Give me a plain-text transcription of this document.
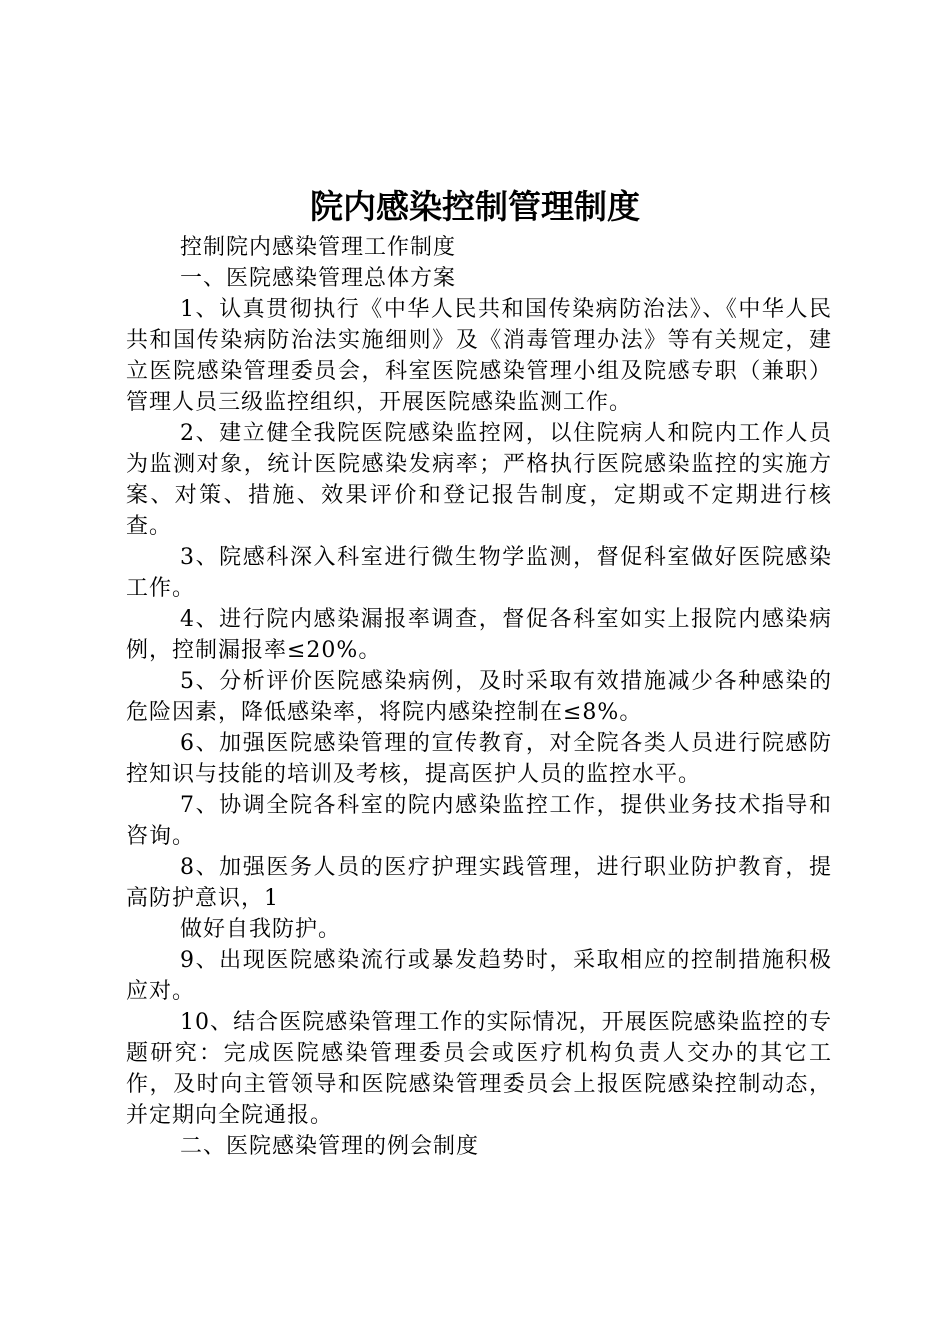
院内感染控制管理制度

控制院内感染管理工作制度

一、医院感染管理总体方案

1、认真贯彻执行《中华人民共和国传染病防治法》、《中华人民共和国传染病防治法实施细则》及《消毒管理办法》等有关规定，建立医院感染管理委员会，科室医院感染管理小组及院感专职（兼职）管理人员三级监控组织，开展医院感染监测工作。

2、建立健全我院医院感染监控网，以住院病人和院内工作人员为监测对象，统计医院感染发病率；严格执行医院感染监控的实施方案、对策、措施、效果评价和登记报告制度，定期或不定期进行核查。

3、院感科深入科室进行微生物学监测，督促科室做好医院感染工作。

4、进行院内感染漏报率调查，督促各科室如实上报院内感染病例，控制漏报率≤20%。

5、分析评价医院感染病例，及时采取有效措施减少各种感染的危险因素，降低感染率，将院内感染控制在≤8%。

6、加强医院感染管理的宣传教育，对全院各类人员进行院感防控知识与技能的培训及考核，提高医护人员的监控水平。

7、协调全院各科室的院内感染监控工作，提供业务技术指导和咨询。

8、加强医务人员的医疗护理实践管理，进行职业防护教育，提高防护意识，1

做好自我防护。

9、出现医院感染流行或暴发趋势时，采取相应的控制措施积极应对。

10、结合医院感染管理工作的实际情况，开展医院感染监控的专题研究：完成医院感染管理委员会或医疗机构负责人交办的其它工作，及时向主管领导和医院感染管理委员会上报医院感染控制动态，并定期向全院通报。

二、医院感染管理的例会制度
